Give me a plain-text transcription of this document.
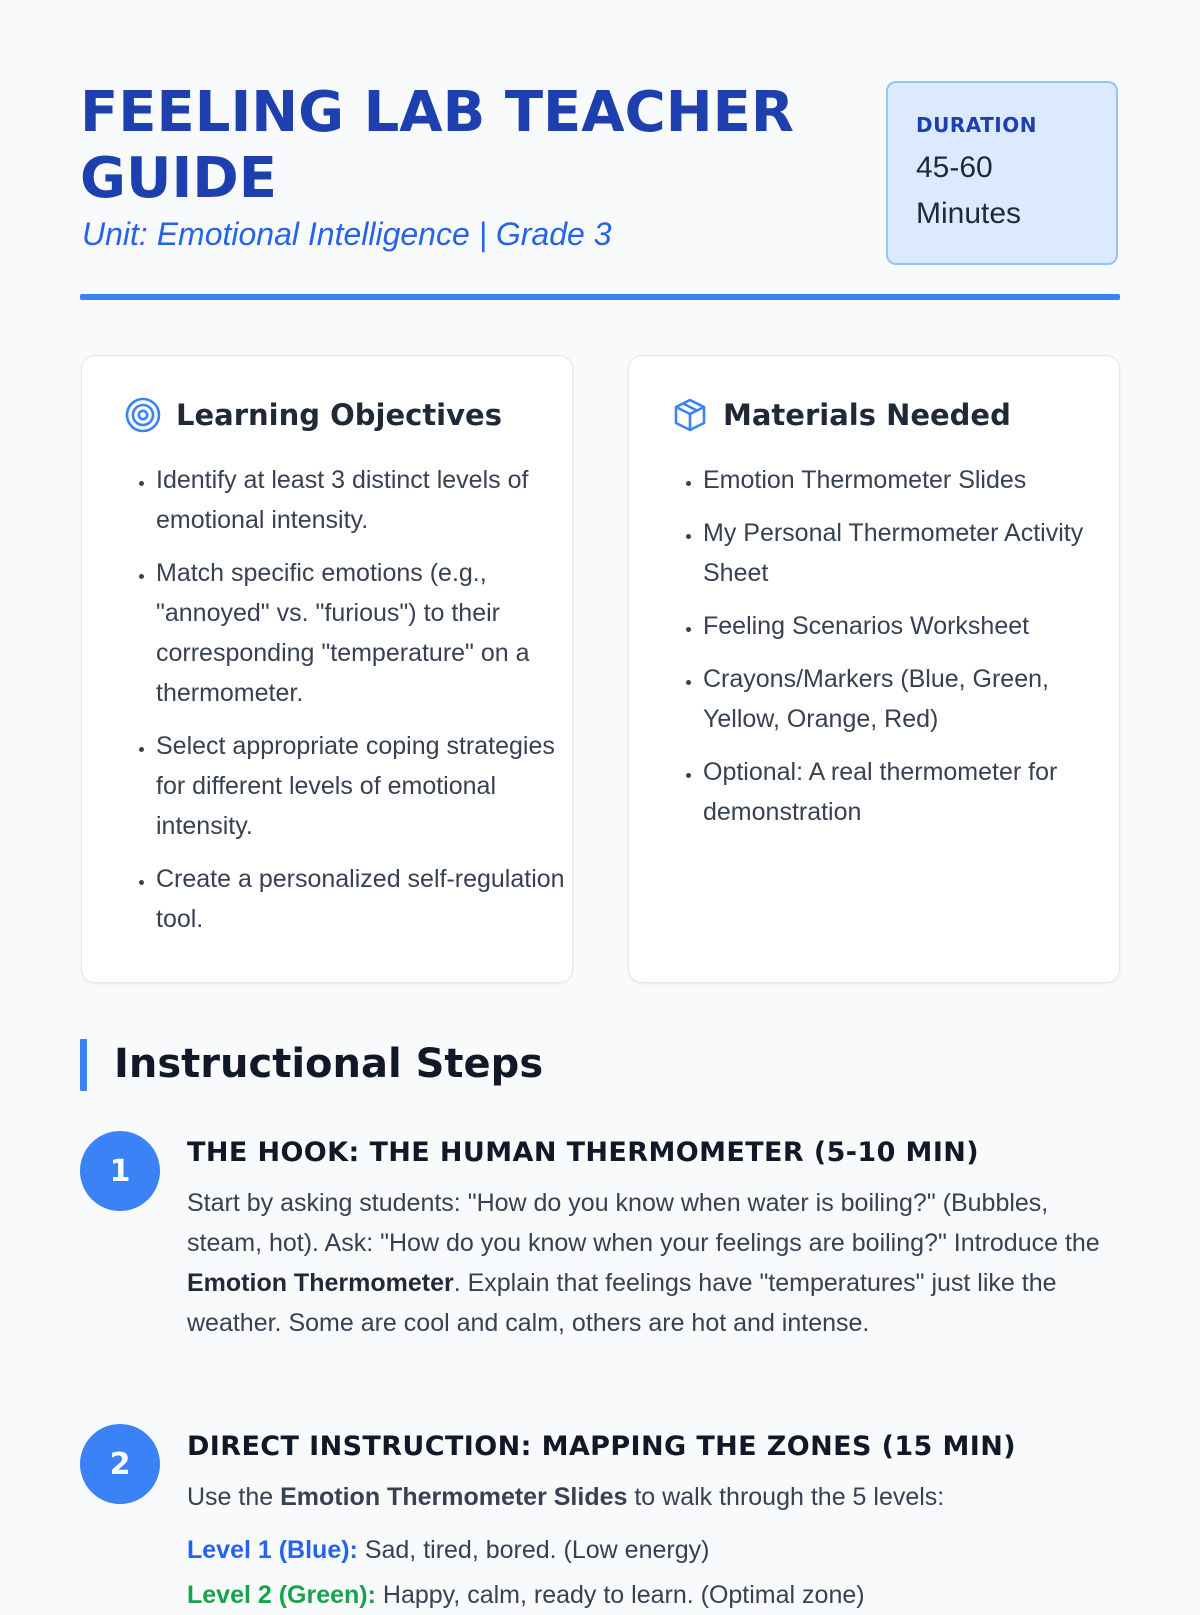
FEELING LAB TEACHER GUIDE

Unit: Emotional Intelligence | Grade 3

DURATION
45-60 Minutes
Learning Objectives
• Identify at least 3 distinct levels of emotional intensity.
• Match specific emotions (e.g., "annoyed" vs. "furious") to their corresponding "temperature" on a thermometer.
• Select appropriate coping strategies for different levels of emotional intensity.
• Create a personalized self-regulation tool.
Materials Needed
• Emotion Thermometer Slides
• My Personal Thermometer Activity Sheet
• Feeling Scenarios Worksheet
• Crayons/Markers (Blue, Green, Yellow, Orange, Red)
• Optional: A real thermometer for demonstration
Instructional Steps
1
THE HOOK: THE HUMAN THERMOMETER (5-10 MIN)

Start by asking students: "How do you know when water is boiling?" (Bubbles, steam, hot). Ask: "How do you know when your feelings are boiling?" Introduce the Emotion Thermometer. Explain that feelings have "temperatures" just like the weather. Some are cool and calm, others are hot and intense.

2	DIRECT INSTRUCTION: MAPPING THE ZONES (15 MIN)

Use the Emotion Thermometer Slides to walk through the 5 levels:

Level 1 (Blue): Sad, tired, bored. (Low energy)

Level 2 (Green): Happy, calm, ready to learn. (Optimal zone)
